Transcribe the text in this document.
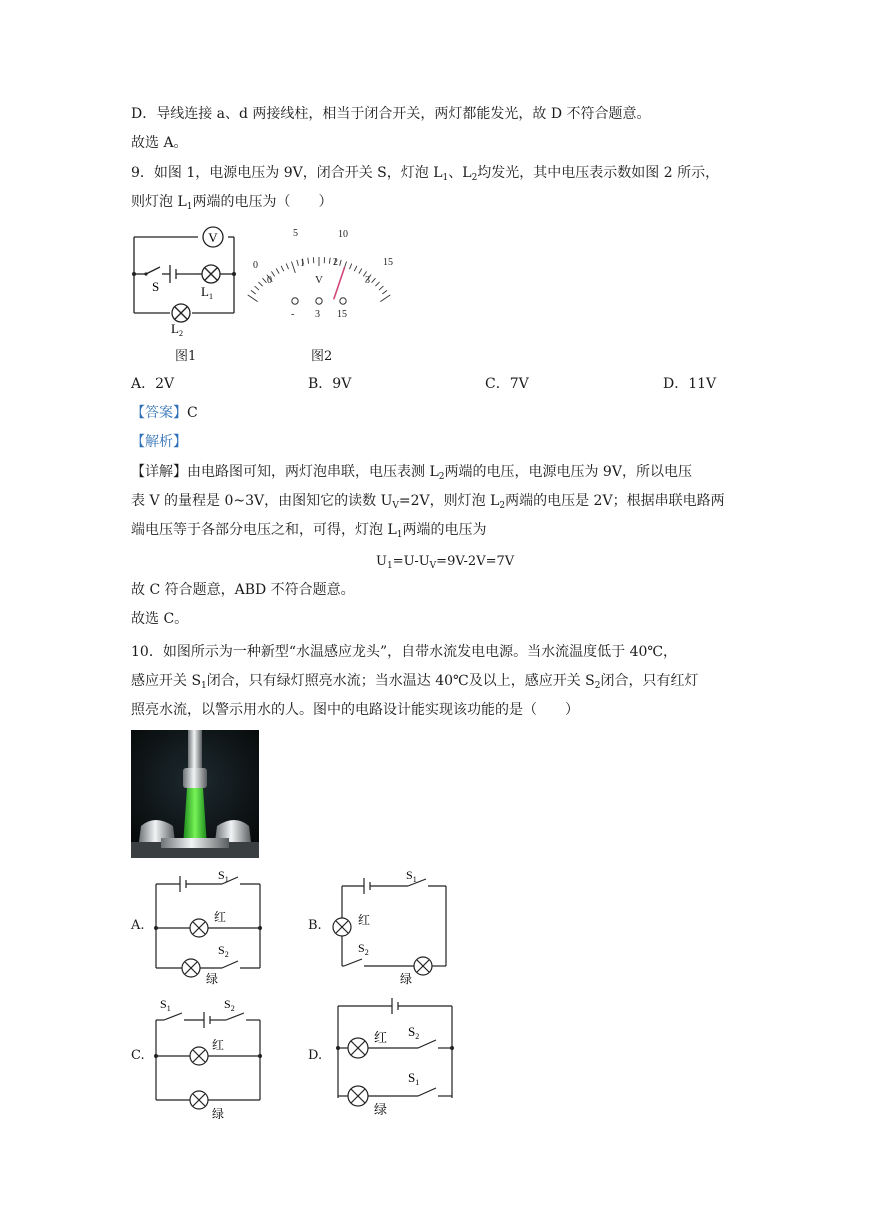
D．导线连接 a、d 两接线柱，相当于闭合开关，两灯都能发光，故 D 不符合题意。
故选 A。
9．如图 1，电源电压为 9V，闭合开关 S，灯泡 $L_1$、$L_2$均发光，其中电压表示数如图 2 所示，
则灯泡 $L_1$两端的电压为（　　）
V
S	L 1
L 2
图1
0
5	10
15
0
1	2
3
V
- 3 15
图2
A．2V	B．9V	C．7V	D．11V
【答案】C
【解析】
【详解】由电路图可知，两灯泡串联，电压表测 $L_2$两端的电压，电源电压为 9V，所以电压
表 V 的量程是 0~3V，由图知它的读数 $U_V=2V$，则灯泡 $L_2$两端的电压是 2V；根据串联电路两
端电压等于各部分电压之和，可得，灯泡 $L_1$两端的电压为
$U_1=U-U_V=9V-2V=7V$
故 C 符合题意，ABD 不符合题意。
故选 C。
10．如图所示为一种新型“水温感应龙头”，自带水流发电电源。当水流温度低于 40℃，
感应开关 $S_1$闭合，只有绿灯照亮水流；当水温达 40℃及以上，感应开关 $S_2$闭合，只有红灯
照亮水流，以警示用水的人。图中的电路设计能实现该功能的是（　　）
A.
$S_1$
红
$S_2$
绿
B.
$S_1$
红
$S_2$
绿
C.
$S_1$	$S_2$
红
绿
D.
红 $S_2$
$S_1$
绿
